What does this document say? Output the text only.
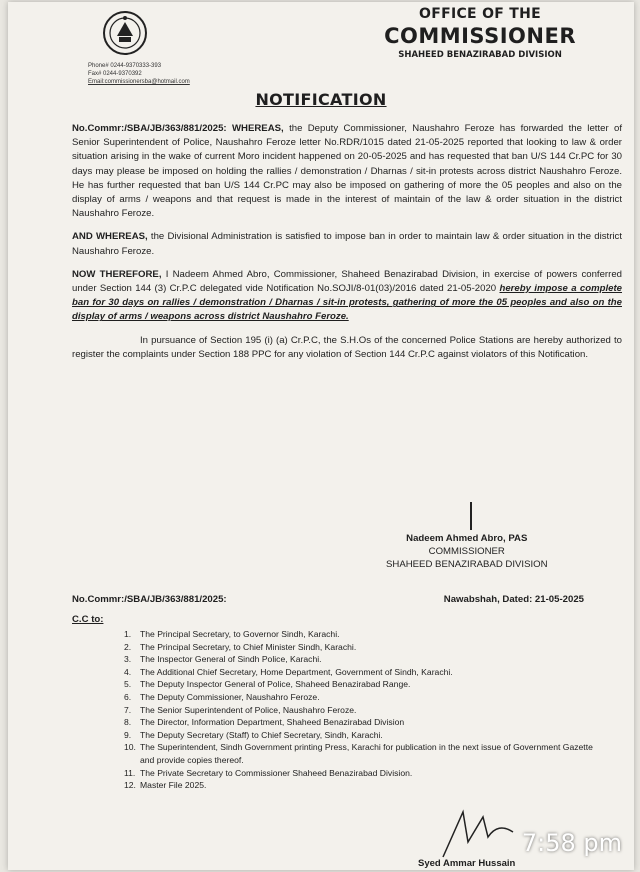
Phone# 0244-9370333-393
Fax# 0244-9370392
Email:commissionersba@hotmail.com
OFFICE OF THE
COMMISSIONER
SHAHEED BENAZIRABAD DIVISION
NOTIFICATION

No.Commr:/SBA/JB/363/881/2025: WHEREAS, the Deputy Commissioner, Naushahro Feroze has forwarded the letter of Senior Superintendent of Police, Naushahro Feroze letter No.RDR/1015 dated 21-05-2025 reported that looking to law & order situation arising in the wake of current Moro incident happened on 20-05-2025 and has requested that ban U/S 144 Cr.PC for 30 days may please be imposed on holding the rallies / demonstration / Dharnas / sit-in protests across district Naushahro Feroze. He has further requested that ban U/S 144 Cr.PC may also be imposed on gathering of more the 05 peoples and also on the display of arms / weapons and that request is made in the interest of maintain of the law & order situation in the district Naushahro Feroze.

AND WHEREAS, the Divisional Administration is satisfied to impose ban in order to maintain law & order situation in the district Naushahro Feroze.

NOW THEREFORE, I Nadeem Ahmed Abro, Commissioner, Shaheed Benazirabad Division, in exercise of powers conferred under Section 144 (3) Cr.P.C delegated vide Notification No.SOJI/8-01(03)/2016 dated 21-05-2020 hereby impose a complete ban for 30 days on rallies / demonstration / Dharnas / sit-in protests, gathering of more the 05 peoples and also on the display of arms / weapons across district Naushahro Feroze.

In pursuance of Section 195 (i) (a) Cr.P.C, the S.H.Os of the concerned Police Stations are hereby authorized to register the complaints under Section 188 PPC for any violation of Section 144 Cr.P.C against violators of this Notification.

Nadeem Ahmed Abro, PAS
COMMISSIONER
SHAHEED BENAZIRABAD DIVISION
No.Commr:/SBA/JB/363/881/2025:	Nawabshah, Dated: 21-05-2025
C.C to:
1.	The Principal Secretary, to Governor Sindh, Karachi.
2.	The Principal Secretary, to Chief Minister Sindh, Karachi.
3.	The Inspector General of Sindh Police, Karachi.
4.	The Additional Chief Secretary, Home Department, Government of Sindh, Karachi.
5.	The Deputy Inspector General of Police, Shaheed Benazirabad Range.
6.	The Deputy Commissioner, Naushahro Feroze.
7.	The Senior Superintendent of Police, Naushahro Feroze.
8.	The Director, Information Department, Shaheed Benazirabad Division
9.	The Deputy Secretary (Staff) to Chief Secretary, Sindh, Karachi.
10. The Superintendent, Sindh Government printing Press, Karachi for publication in the next issue of Government Gazette and provide copies thereof.
11. The Private Secretary to Commissioner Shaheed Benazirabad Division.
12. Master File 2025.
Syed Ammar Hussain
7:58 pm
